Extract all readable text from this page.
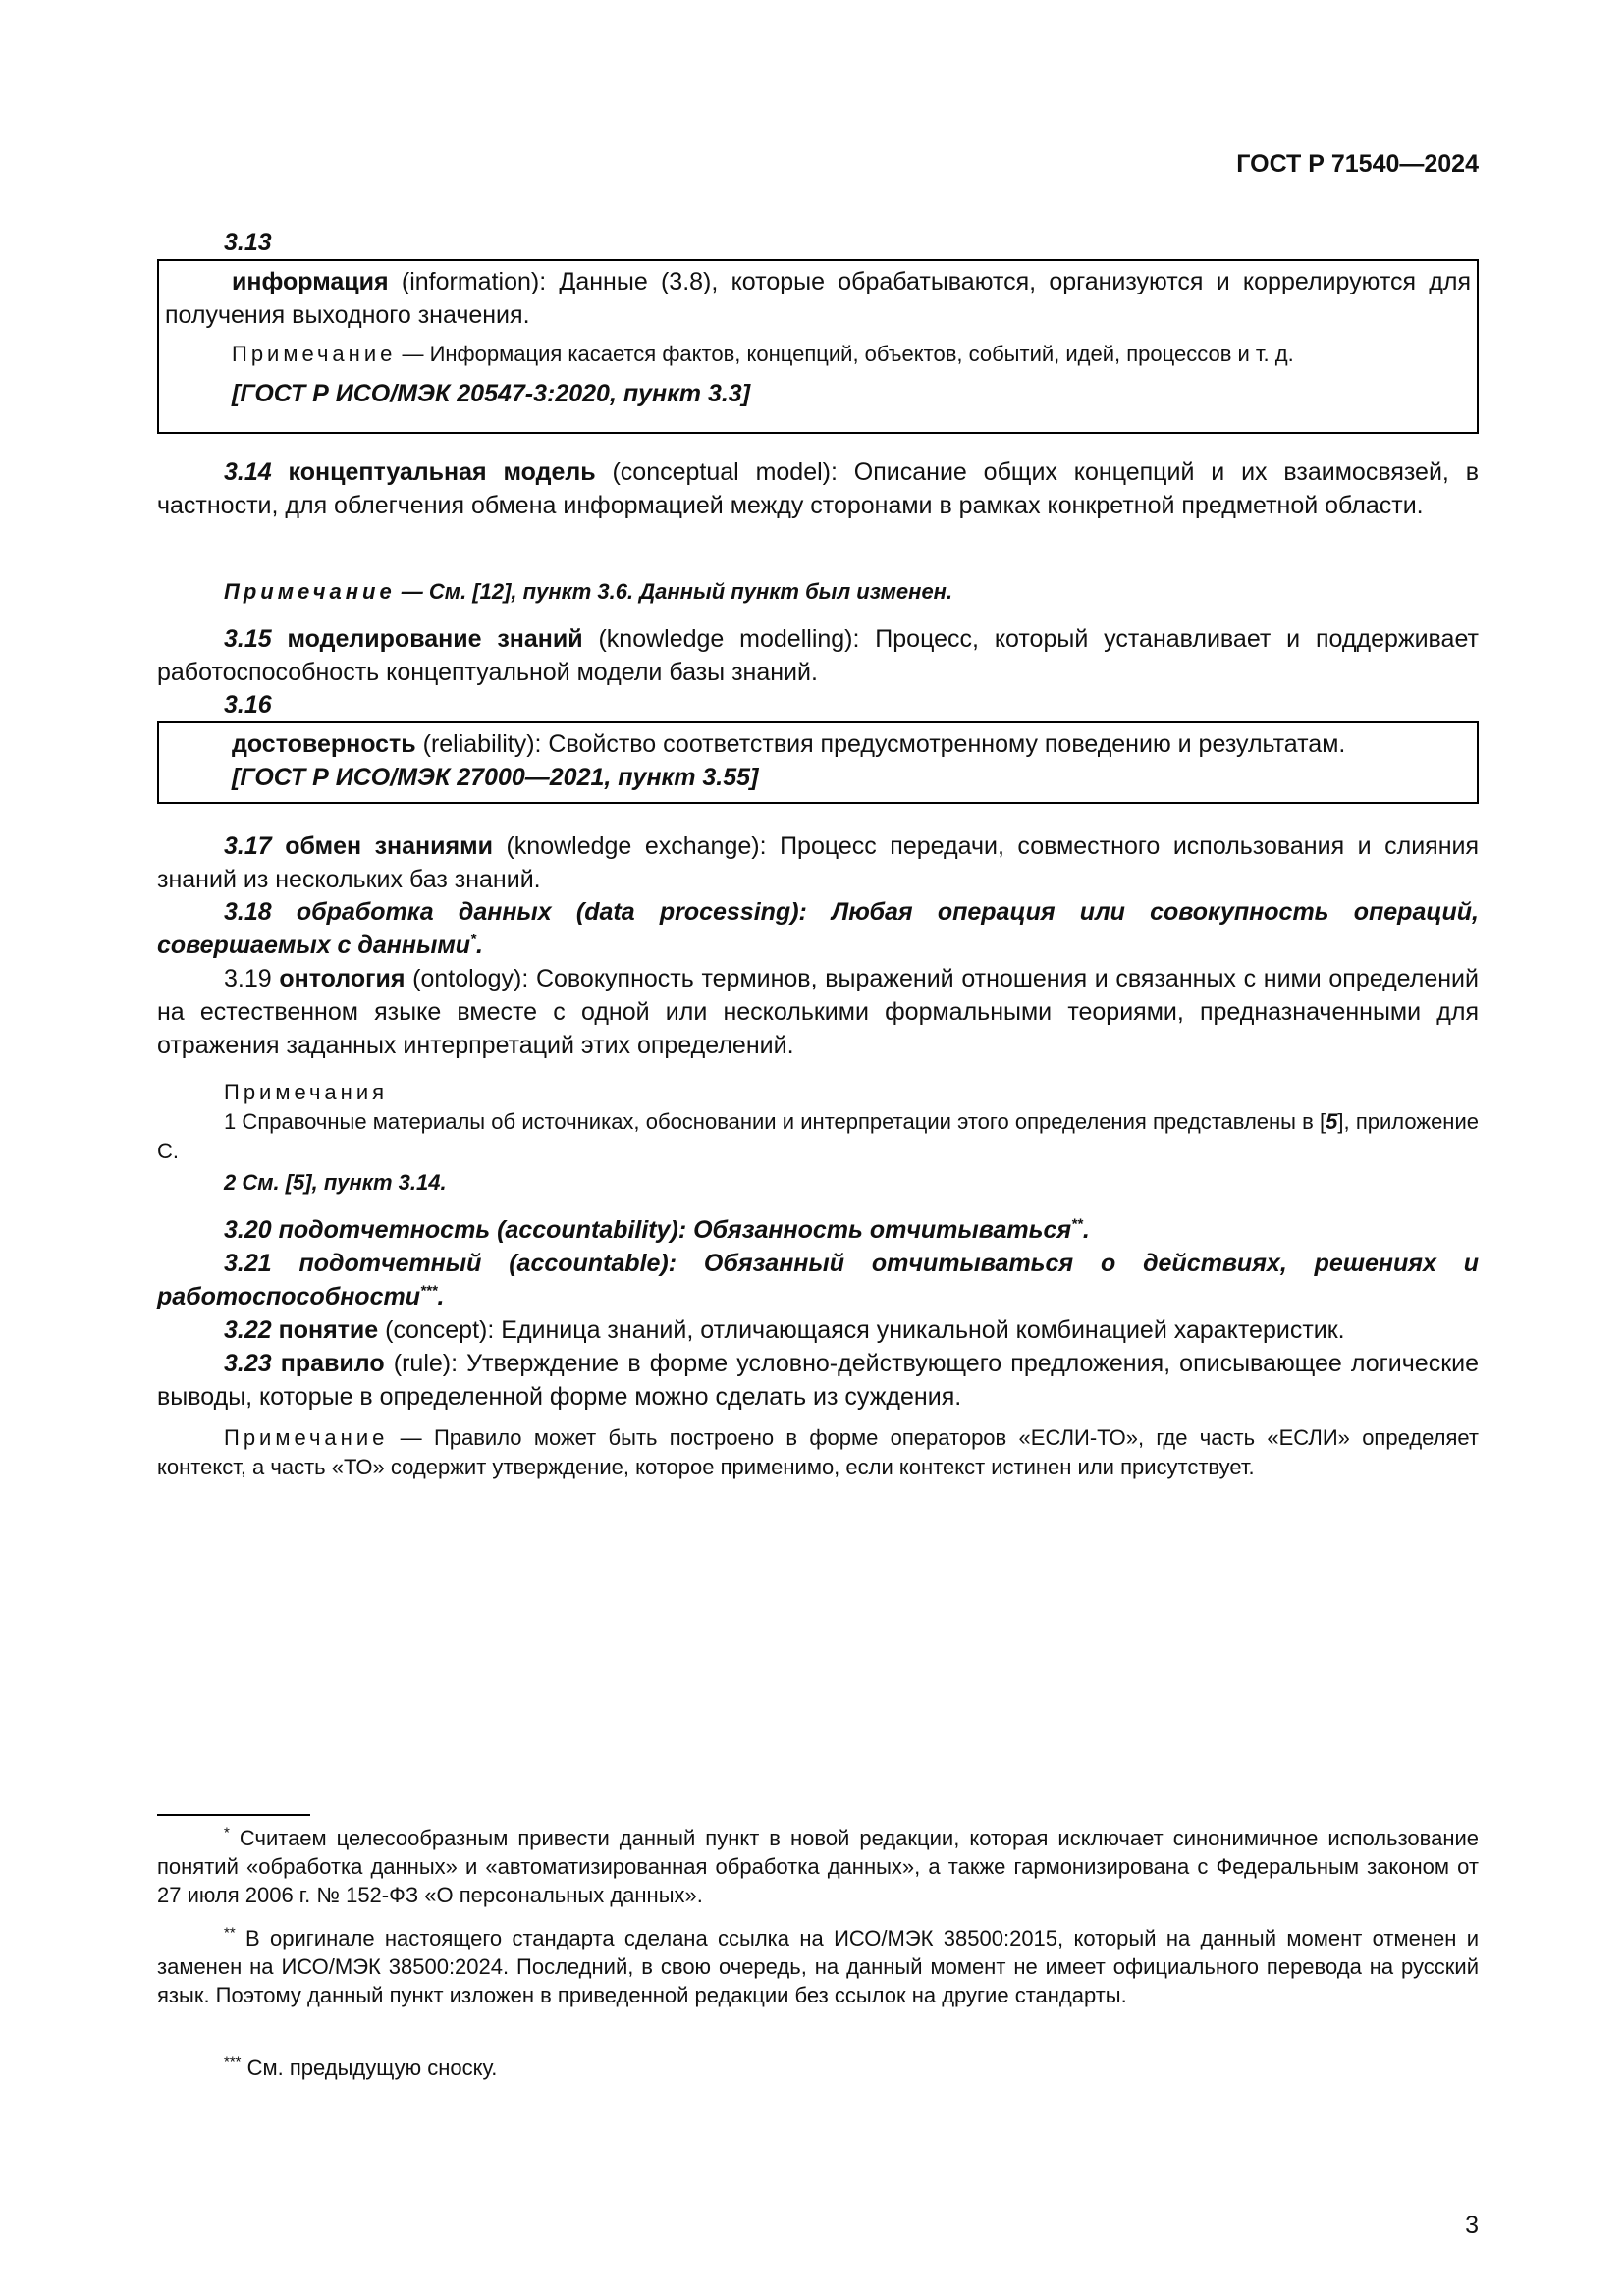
ГОСТ Р 71540—2024
3.13

информация (information): Данные (3.8), которые обрабатываются, организуются и коррелируются для получения выходного значения.

Примечание — Информация касается фактов, концепций, объектов, событий, идей, процессов и т. д.

[ГОСТ Р ИСО/МЭК 20547-3:2020, пункт 3.3]

3.14 концептуальная модель (conceptual model): Описание общих концепций и их взаимосвязей, в частности, для облегчения обмена информацией между сторонами в рамках конкретной предметной области.
Примечание — См. [12], пункт 3.6. Данный пункт был изменен.
3.15 моделирование знаний (knowledge modelling): Процесс, который устанавливает и поддерживает работоспособность концептуальной модели базы знаний.
3.16

достоверность (reliability): Свойство соответствия предусмотренному поведению и результатам.

[ГОСТ Р ИСО/МЭК 27000—2021, пункт 3.55]

3.17 обмен знаниями (knowledge exchange): Процесс передачи, совместного использования и слияния знаний из нескольких баз знаний.
3.18 обработка данных (data processing): Любая операция или совокупность операций, совершаемых с данными*.
3.19 онтология (ontology): Совокупность терминов, выражений отношения и связанных с ними определений на естественном языке вместе с одной или несколькими формальными теориями, предназначенными для отражения заданных интерпретаций этих определений.
Примечания
1 Справочные материалы об источниках, обосновании и интерпретации этого определения представлены в [5], приложение С.
2 См. [5], пункт 3.14.
3.20 подотчетность (accountability): Обязанность отчитываться**.
3.21 подотчетный (accountable): Обязанный отчитываться о действиях, решениях и работоспособности***.
3.22 понятие (concept): Единица знаний, отличающаяся уникальной комбинацией характеристик.
3.23 правило (rule): Утверждение в форме условно-действующего предложения, описывающее логические выводы, которые в определенной форме можно сделать из суждения.
Примечание — Правило может быть построено в форме операторов «ЕСЛИ-ТО», где часть «ЕСЛИ» определяет контекст, а часть «ТО» содержит утверждение, которое применимо, если контекст истинен или присутствует.
* Считаем целесообразным привести данный пункт в новой редакции, которая исключает синонимичное использование понятий «обработка данных» и «автоматизированная обработка данных», а также гармонизирована с Федеральным законом от 27 июля 2006 г. № 152-ФЗ «О персональных данных».
** В оригинале настоящего стандарта сделана ссылка на ИСО/МЭК 38500:2015, который на данный момент отменен и заменен на ИСО/МЭК 38500:2024. Последний, в свою очередь, на данный момент не имеет официального перевода на русский язык. Поэтому данный пункт изложен в приведенной редакции без ссылок на другие стандарты.
*** См. предыдущую сноску.
3
